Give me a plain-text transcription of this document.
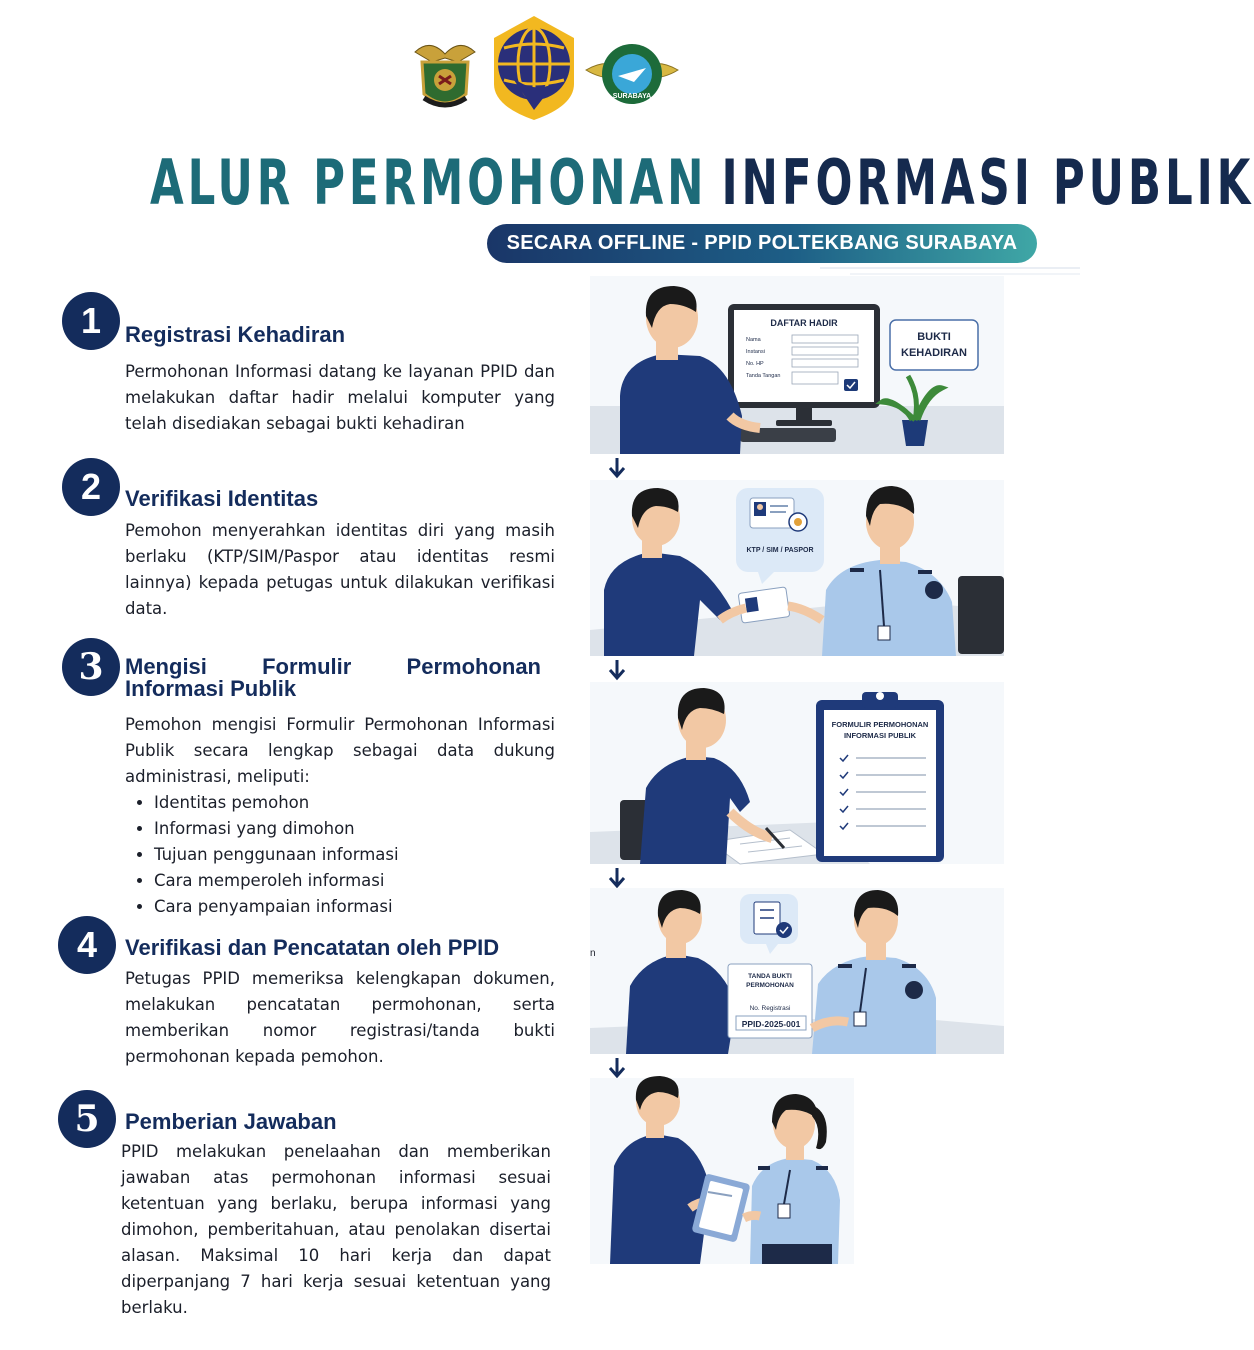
SURABAYA
ALUR PERMOHONAN INFORMASI PUBLIK
SECARA OFFLINE - PPID POLTEKBANG SURABAYA
1	Registrasi Kehadiran
Permohonan Informasi datang ke layanan PPID dan melakukan daftar hadir melalui komputer yang telah disediakan sebagai bukti kehadiran
2	Verifikasi Identitas
Pemohon menyerahkan identitas diri yang masih berlaku (KTP/SIM/Paspor atau identitas resmi lainnya) kepada petugas untuk dilakukan verifikasi data.
3 Mengisi Formulir Permohonan
Informasi Publik
Pemohon mengisi Formulir Permohonan Informasi Publik secara lengkap sebagai data dukung administrasi, meliputi:
• Identitas pemohon
• Informasi yang dimohon
• Tujuan penggunaan informasi
• Cara memperoleh informasi
• Cara penyampaian informasi
4	Verifikasi dan Pencatatan oleh PPID
Petugas PPID memeriksa kelengkapan dokumen, melakukan pencatatan permohonan, serta memberikan nomor registrasi/tanda bukti permohonan kepada pemohon.
5	Pemberian Jawaban
PPID melakukan penelaahan dan memberikan jawaban atas permohonan informasi sesuai ketentuan yang berlaku, berupa informasi yang dimohon, pemberitahuan, atau penolakan disertai alasan. Maksimal 10 hari kerja dan dapat diperpanjang 7 hari kerja sesuai ketentuan yang berlaku.
DAFTAR HADIR
Nama
Instansi
No. HP
Tanda Tangan
BUKTI
KEHADIRAN
KTP / SIM / PASPOR
FORMULIR PERMOHONAN
INFORMASI PUBLIK
n
TANDA BUKTI
PERMOHONAN
No. Registrasi
PPID-2025-001
